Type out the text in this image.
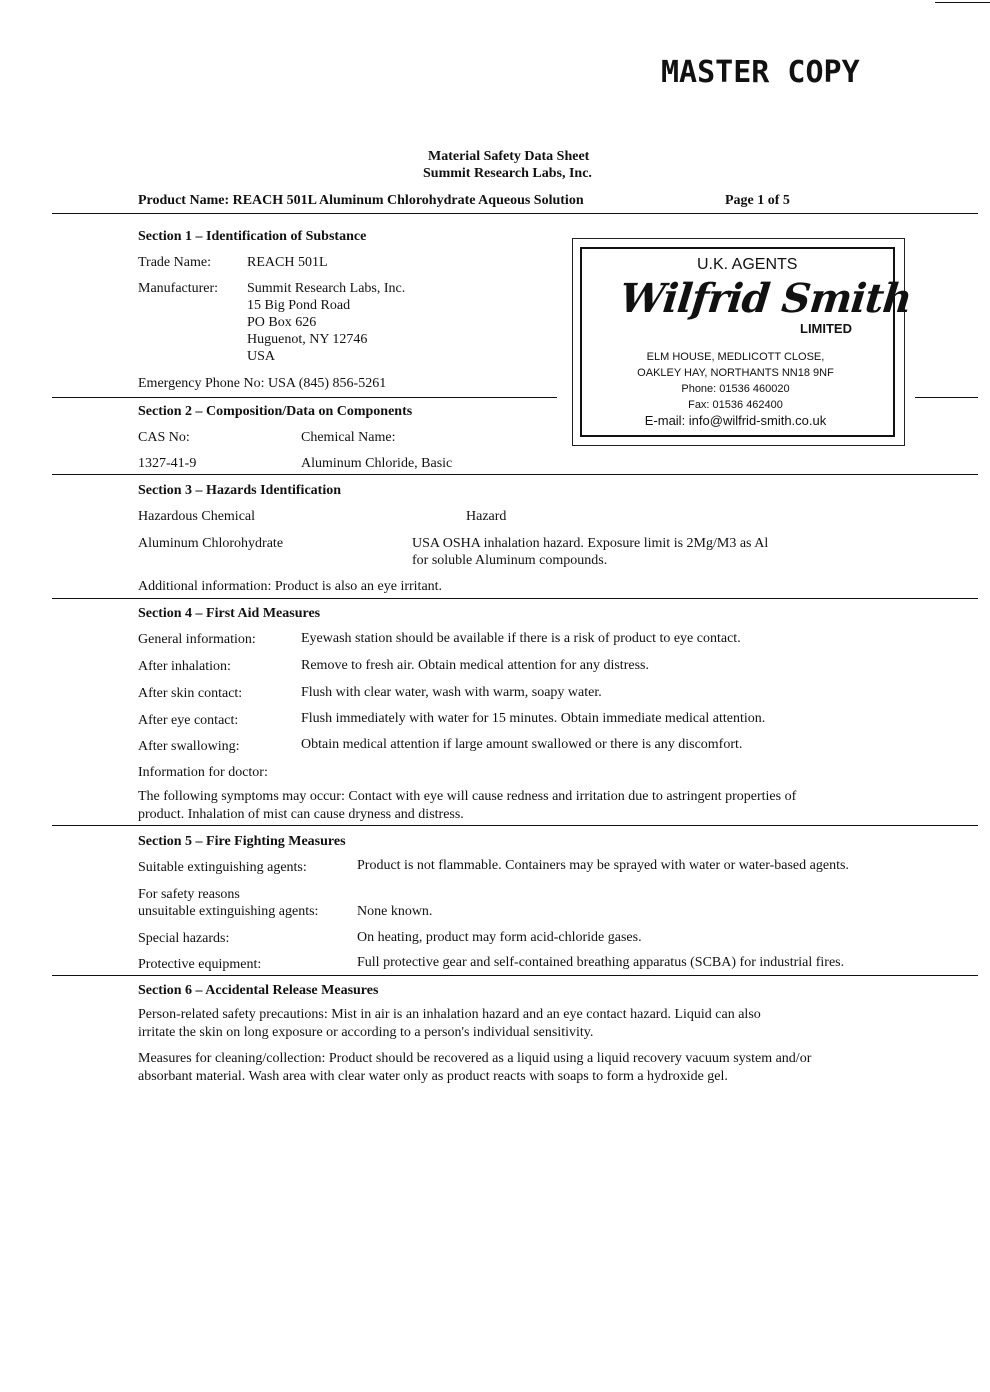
MASTER COPY
Material Safety Data Sheet
Summit Research Labs, Inc.
Product Name: REACH 501L Aluminum Chlorohydrate Aqueous Solution	Page 1 of 5
U.K. AGENTS
Wilfrid Smith
LIMITED
ELM HOUSE, MEDLICOTT CLOSE,
OAKLEY HAY, NORTHANTS NN18 9NF
Phone: 01536 460020
Fax: 01536 462400
E-mail: info@wilfrid-smith.co.uk
Section 1 – Identification of Substance
Trade Name:	REACH 501L
Manufacturer: Summit Research Labs, Inc.
15 Big Pond Road
PO Box 626
Huguenot, NY 12746
USA
Emergency Phone No: USA (845) 856-5261
Section 2 – Composition/Data on Components
CAS No:	Chemical Name:
1327-41-9	Aluminum Chloride, Basic
Section 3 – Hazards Identification
Hazardous Chemical	Hazard
Aluminum Chlorohydrate	USA OSHA inhalation hazard. Exposure limit is 2Mg/M3 as Al
for soluble Aluminum compounds.
Additional information: Product is also an eye irritant.
Section 4 – First Aid Measures
General information:	Eyewash station should be available if there is a risk of product to eye contact.
After inhalation:	Remove to fresh air. Obtain medical attention for any distress.
After skin contact:	Flush with clear water, wash with warm, soapy water.
After eye contact:	Flush immediately with water for 15 minutes. Obtain immediate medical attention.
After swallowing:	Obtain medical attention if large amount swallowed or there is any discomfort.
Information for doctor:
The following symptoms may occur: Contact with eye will cause redness and irritation due to astringent properties of
product. Inhalation of mist can cause dryness and distress.
Section 5 – Fire Fighting Measures
Suitable extinguishing agents:	Product is not flammable. Containers may be sprayed with water or water-based agents.
For safety reasons
unsuitable extinguishing agents:	None known.
Special hazards:	On heating, product may form acid-chloride gases.
Protective equipment:	Full protective gear and self-contained breathing apparatus (SCBA) for industrial fires.
Section 6 – Accidental Release Measures
Person-related safety precautions: Mist in air is an inhalation hazard and an eye contact hazard. Liquid can also
irritate the skin on long exposure or according to a person's individual sensitivity.
Measures for cleaning/collection: Product should be recovered as a liquid using a liquid recovery vacuum system and/or
absorbant material. Wash area with clear water only as product reacts with soaps to form a hydroxide gel.
